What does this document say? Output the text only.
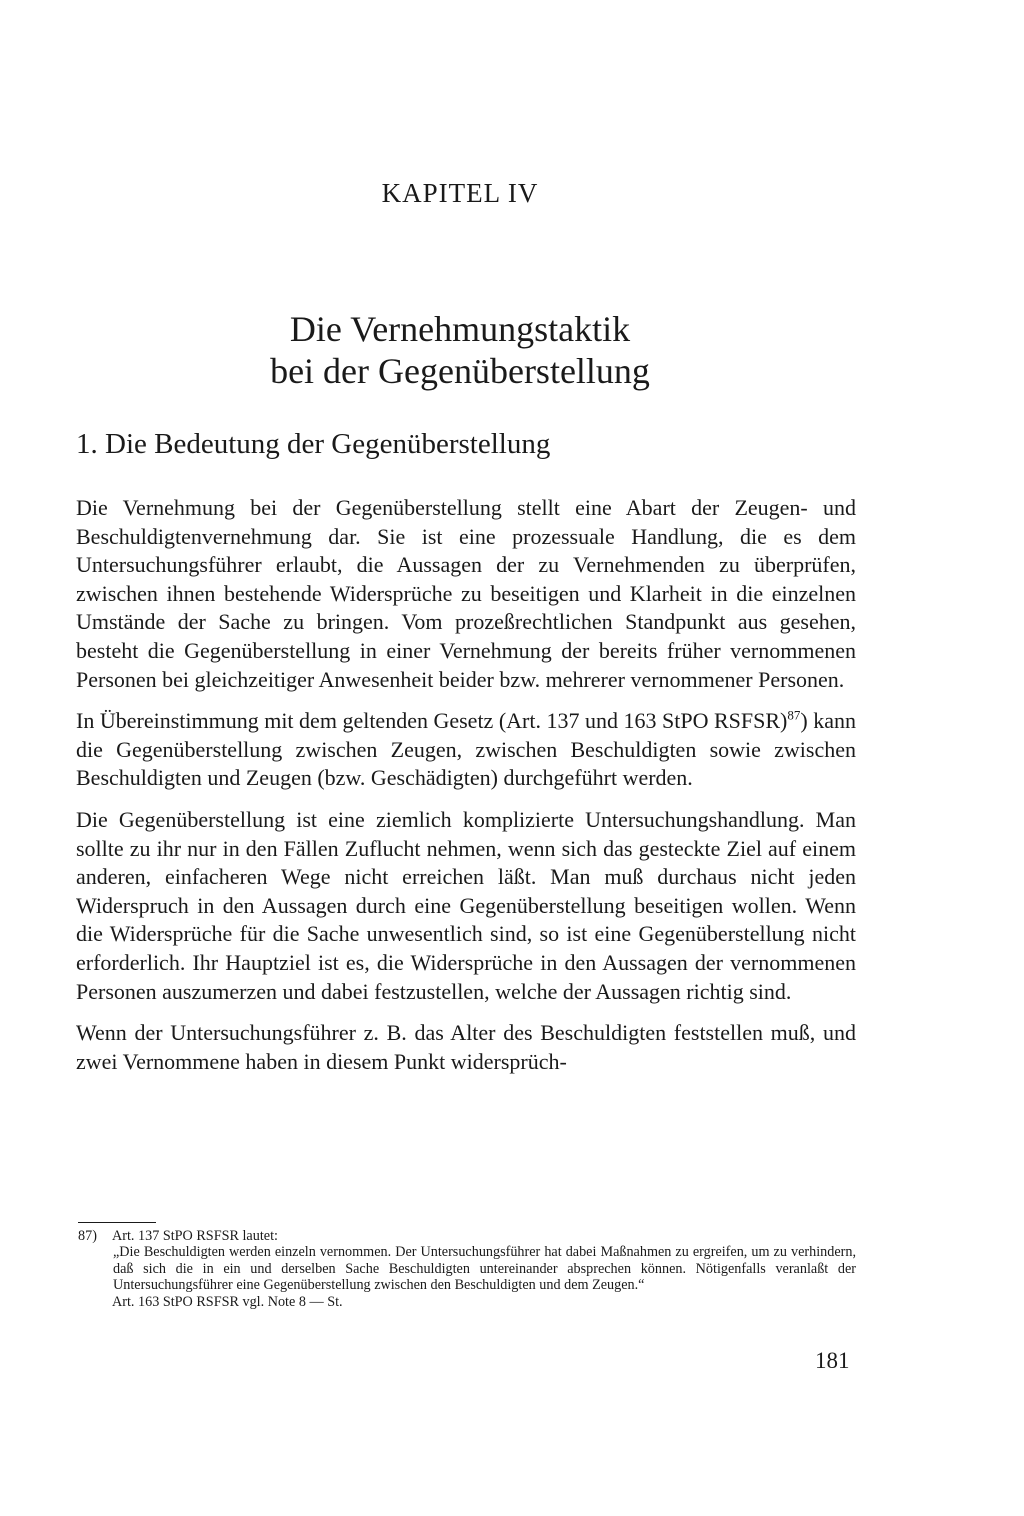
KAPITEL IV
Die Vernehmungstaktik
bei der Gegenüberstellung
1. Die Bedeutung der Gegenüberstellung

Die Vernehmung bei der Gegenüberstellung stellt eine Abart der Zeugen- und Beschuldigtenvernehmung dar. Sie ist eine prozessuale Handlung, die es dem Untersuchungsführer erlaubt, die Aussagen der zu Vernehmenden zu überprüfen, zwischen ihnen bestehende Widersprüche zu beseitigen und Klarheit in die einzelnen Umstände der Sache zu bringen. Vom prozeßrechtlichen Standpunkt aus gesehen, besteht die Gegenüberstellung in einer Vernehmung der bereits früher vernommenen Personen bei gleichzeitiger Anwesenheit beider bzw. mehrerer vernommener Personen.

In Übereinstimmung mit dem geltenden Gesetz (Art. 137 und 163 StPO RSFSR)$^{87}$) kann die Gegenüberstellung zwischen Zeugen, zwischen Beschuldigten sowie zwischen Beschuldigten und Zeugen (bzw. Geschädigten) durchgeführt werden.

Die Gegenüberstellung ist eine ziemlich komplizierte Untersuchungshandlung. Man sollte zu ihr nur in den Fällen Zuflucht nehmen, wenn sich das gesteckte Ziel auf einem anderen, einfacheren Wege nicht erreichen läßt. Man muß durchaus nicht jeden Widerspruch in den Aussagen durch eine Gegenüberstellung beseitigen wollen. Wenn die Widersprüche für die Sache unwesentlich sind, so ist eine Gegenüberstellung nicht erforderlich. Ihr Hauptziel ist es, die Widersprüche in den Aussagen der vernommenen Personen auszumerzen und dabei festzustellen, welche der Aussagen richtig sind.

Wenn der Untersuchungsführer z. B. das Alter des Beschuldigten feststellen muß, und zwei Vernommene haben in diesem Punkt widersprüch-

87) Art. 137 StPO RSFSR lautet:

„Die Beschuldigten werden einzeln vernommen. Der Untersuchungsführer hat dabei Maßnahmen zu ergreifen, um zu verhindern, daß sich die in ein und derselben Sache Beschuldigten untereinander absprechen können. Nötigenfalls veranlaßt der Untersuchungsführer eine Gegenüberstellung zwischen den Beschuldigten und dem Zeugen.“

Art. 163 StPO RSFSR vgl. Note 8 — St.

181
